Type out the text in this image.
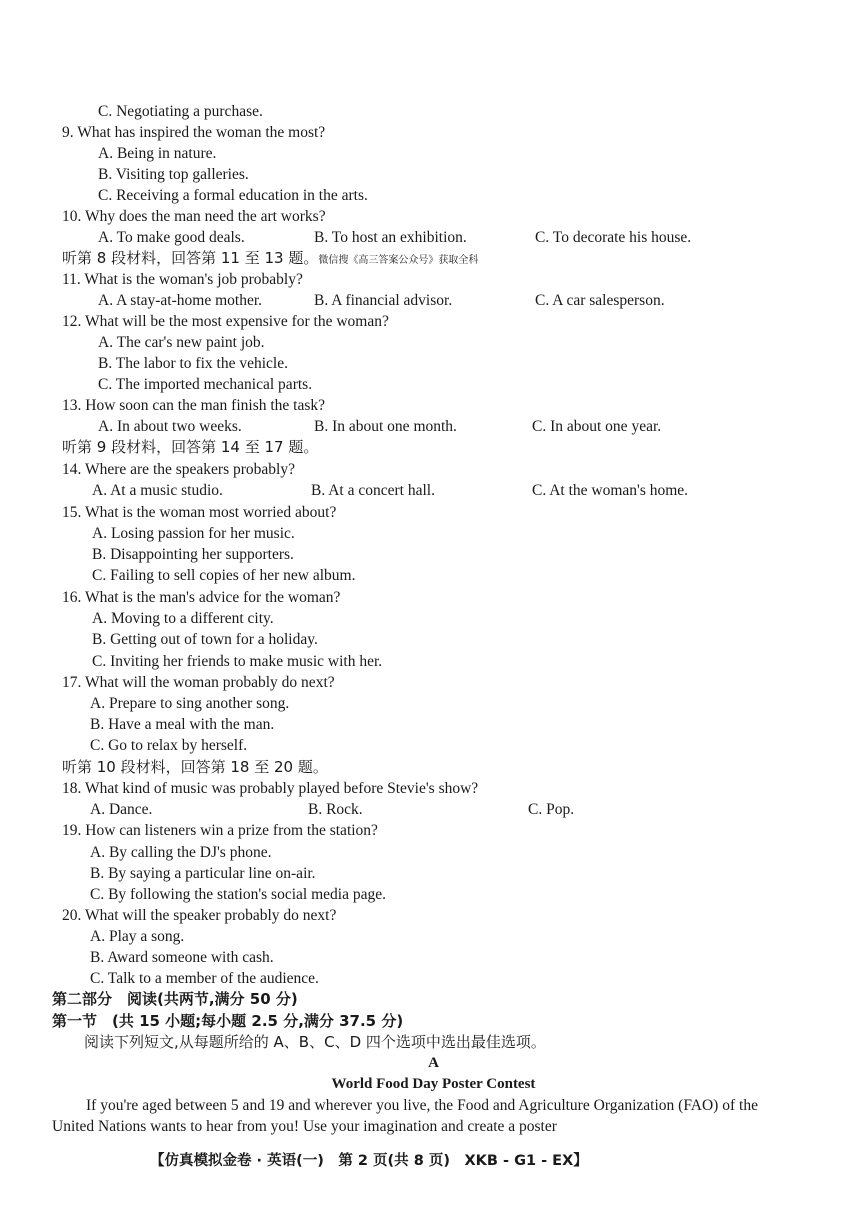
C. Negotiating a purchase.
9. What has inspired the woman the most?
A. Being in nature.
B. Visiting top galleries.
C. Receiving a formal education in the arts.
10. Why does the man need the art works?
A. To make good deals.	B. To host an exhibition.	C. To decorate his house.
听第 8 段材料，回答第 11 至 13 题。微信搜《高三答案公众号》获取全科
11. What is the woman's job probably?
A. A stay-at-home mother.	B. A financial advisor.	C. A car salesperson.
12. What will be the most expensive for the woman?
A. The car's new paint job.
B. The labor to fix the vehicle.
C. The imported mechanical parts.
13. How soon can the man finish the task?
A. In about two weeks.	B. In about one month.	C. In about one year.
听第 9 段材料，回答第 14 至 17 题。
14. Where are the speakers probably?
A. At a music studio.	B. At a concert hall.	C. At the woman's home.
15. What is the woman most worried about?
A. Losing passion for her music.
B. Disappointing her supporters.
C. Failing to sell copies of her new album.
16. What is the man's advice for the woman?
A. Moving to a different city.
B. Getting out of town for a holiday.
C. Inviting her friends to make music with her.
17. What will the woman probably do next?
A. Prepare to sing another song.
B. Have a meal with the man.
C. Go to relax by herself.
听第 10 段材料，回答第 18 至 20 题。
18. What kind of music was probably played before Stevie's show?
A. Dance.	B. Rock.	C. Pop.
19. How can listeners win a prize from the station?
A. By calling the DJ's phone.
B. By saying a particular line on-air.
C. By following the station's social media page.
20. What will the speaker probably do next?
A. Play a song.
B. Award someone with cash.
C. Talk to a member of the audience.
第二部分　阅读(共两节,满分 50 分)
第一节　(共 15 小题;每小题 2.5 分,满分 37.5 分)
阅读下列短文,从每题所给的 A、B、C、D 四个选项中选出最佳选项。
A
World Food Day Poster Contest
If you're aged between 5 and 19 and wherever you live, the Food and Agriculture Organization (FAO) of the United Nations wants to hear from you! Use your imagination and create a poster
【仿真模拟金卷 · 英语(一)　第 2 页(共 8 页)　XKB - G1 - EX】
